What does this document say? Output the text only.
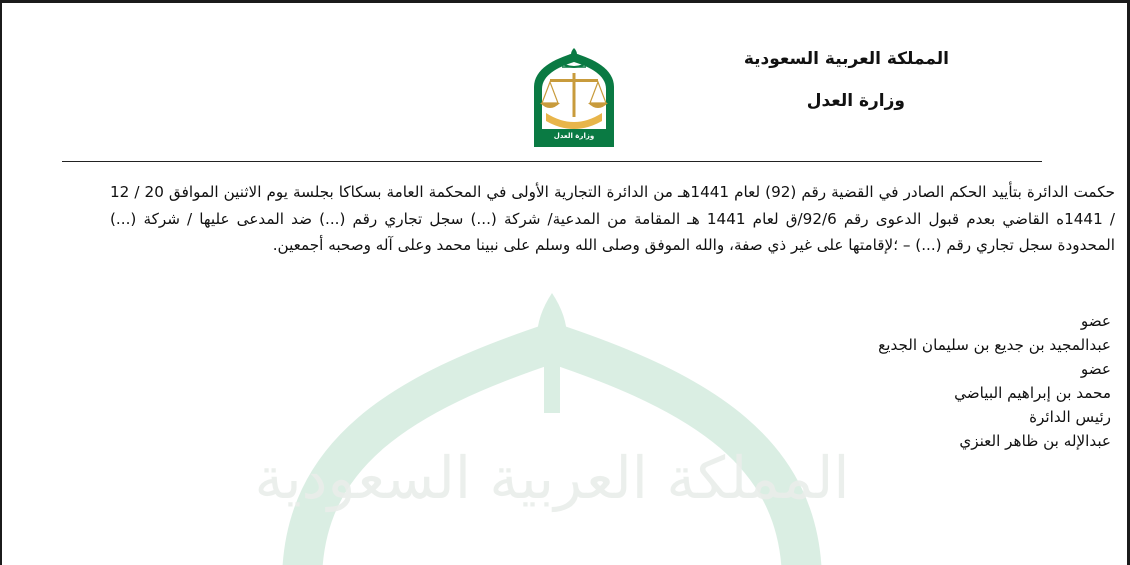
المملكة العربية السعودية
المملكة العربية السعودية
وزارة العدل
وزارة العدل
حكمت الدائرة بتأييد الحكم الصادر في القضية رقم (92) لعام 1441هـ من الدائرة التجارية الأولى في المحكمة العامة بسكاكا بجلسة يوم الاثنين الموافق 20 / 12 / 1441ه القاضي بعدم قبول الدعوى رقم 92/6/ق لعام 1441 هـ المقامة من المدعية/ شركة (...) سجل تجاري رقم (...) ضد المدعى عليها / شركة (...) المحدودة سجل تجاري رقم (...) – ؛لإقامتها على غير ذي صفة، والله الموفق وصلى الله وسلم على نبينا محمد وعلى آله وصحبه أجمعين.
عضو
عبدالمجيد بن جديع بن سليمان الجديع
عضو
محمد بن إبراهيم البياضي
رئيس الدائرة
عبدالإله بن ظاهر العنزي
